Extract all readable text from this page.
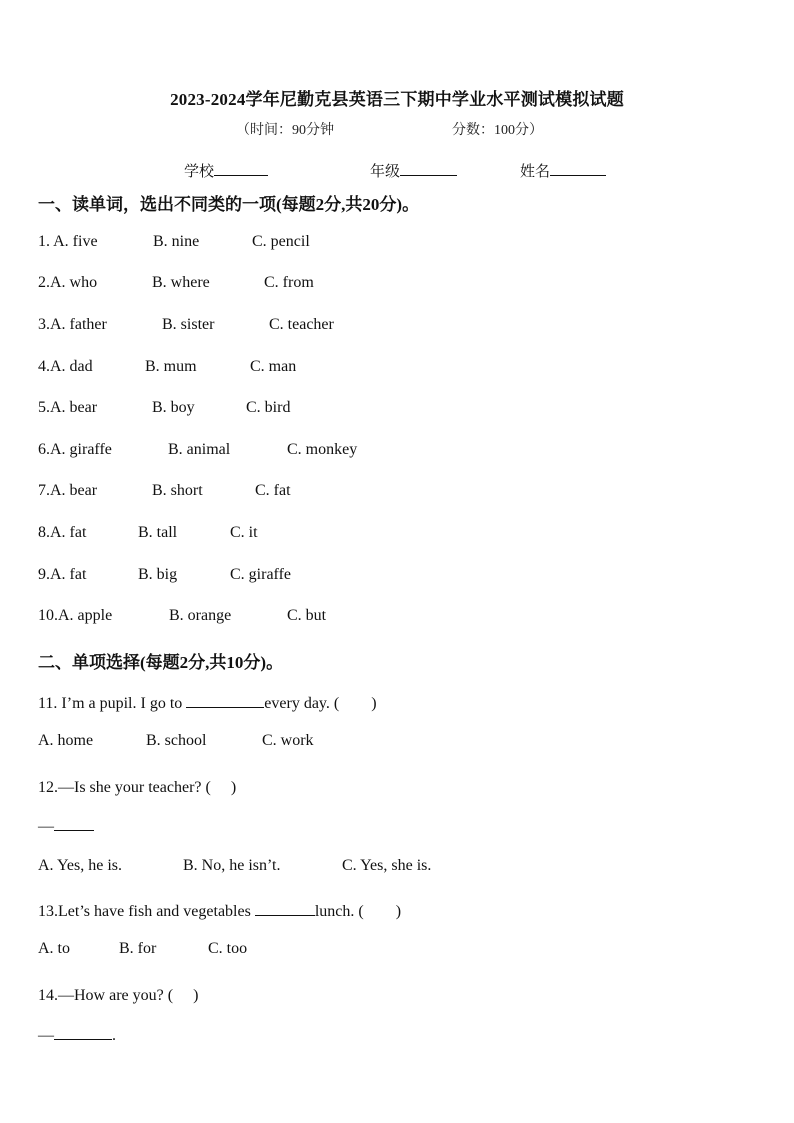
2023-2024学年尼勤克县英语三下期中学业水平测试模拟试题
（时间：90分钟	分数：100分）
学校	年级	姓名
一、读单词，选出不同类的一项(每题2分,共20分)。
1. A. five	B. nine	C. pencil
2.A. who	B. where	C. from
3.A. father	B. sister	C. teacher
4.A. dad	B. mum	C. man
5.A. bear	B. boy	C. bird
6.A. giraffe	B. animal	C. monkey
7.A. bear	B. short	C. fat
8.A. fat	B. tall	C. it
9.A. fat	B. big	C. giraffe
10.A. apple	B. orange	C. but
二、单项选择(每题2分,共10分)。
11. I’m a pupil. I go to	every day. (　　)
A. home	B. school	C. work
12.—Is she your teacher? (　 )
—
A. Yes, he is.	B. No, he isn’t.	C. Yes, she is.
13.Let’s have fish and vegetables	lunch. (　　)
A. to	B. for	C. too
14.—How are you? (　 )
—	.
